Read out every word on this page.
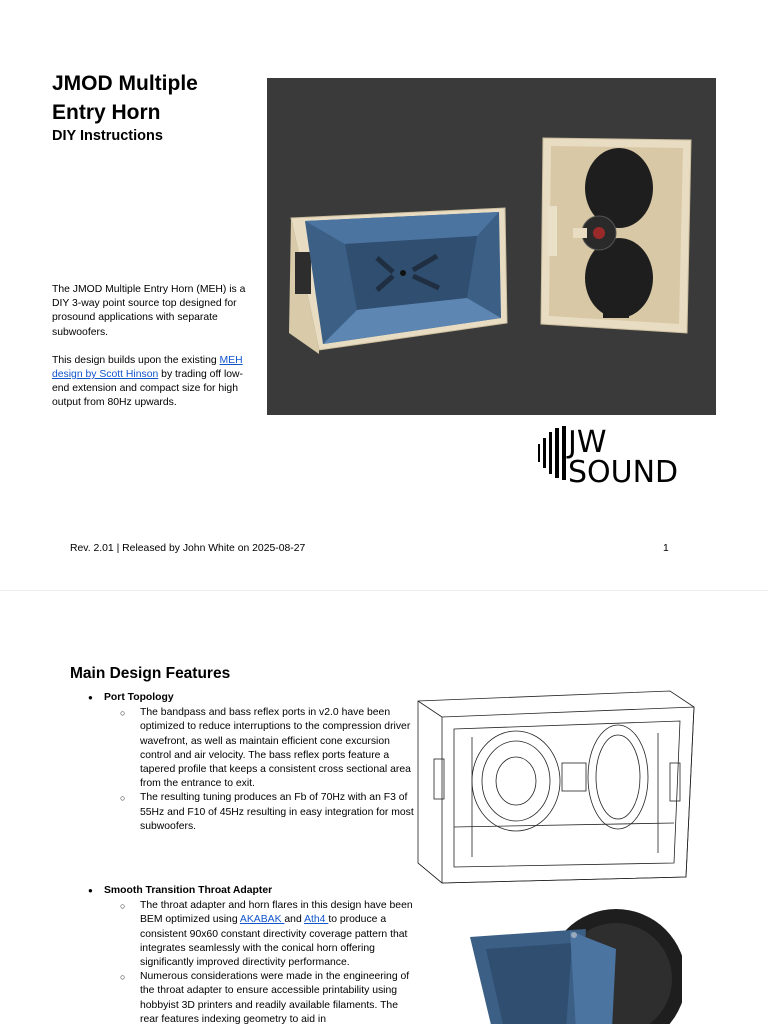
JMOD Multiple Entry Horn
DIY Instructions

The JMOD Multiple Entry Horn (MEH) is a DIY 3-way point source top designed for prosound applications with separate subwoofers.

This design builds upon the existing MEH design by Scott Hinson by trading off low-end extension and compact size for high output from 80Hz upwards.

JW
SOUND
Rev. 2.01 | Released by John White on 2025-08-27	1
Main Design Features
● Port Topology
○ The bandpass and bass reflex ports in v2.0 have been optimized to reduce interruptions to the compression driver wavefront, as well as maintain efficient cone excursion control and air velocity. The bass reflex ports feature a tapered profile that keeps a consistent cross sectional area from the entrance to exit.
○ The resulting tuning produces an Fb of 70Hz with an F3 of 55Hz and F10 of 45Hz resulting in easy integration for most subwoofers.
● Smooth Transition Throat Adapter
○ The throat adapter and horn flares in this design have been BEM optimized using AKABAK and Ath4 to produce a consistent 90x60 constant directivity coverage pattern that integrates seamlessly with the conical horn offering significantly improved directivity performance.
○ Numerous considerations were made in the engineering of the throat adapter to ensure accessible printability using hobbyist 3D printers and readily available filaments. The rear features indexing geometry to aid in
